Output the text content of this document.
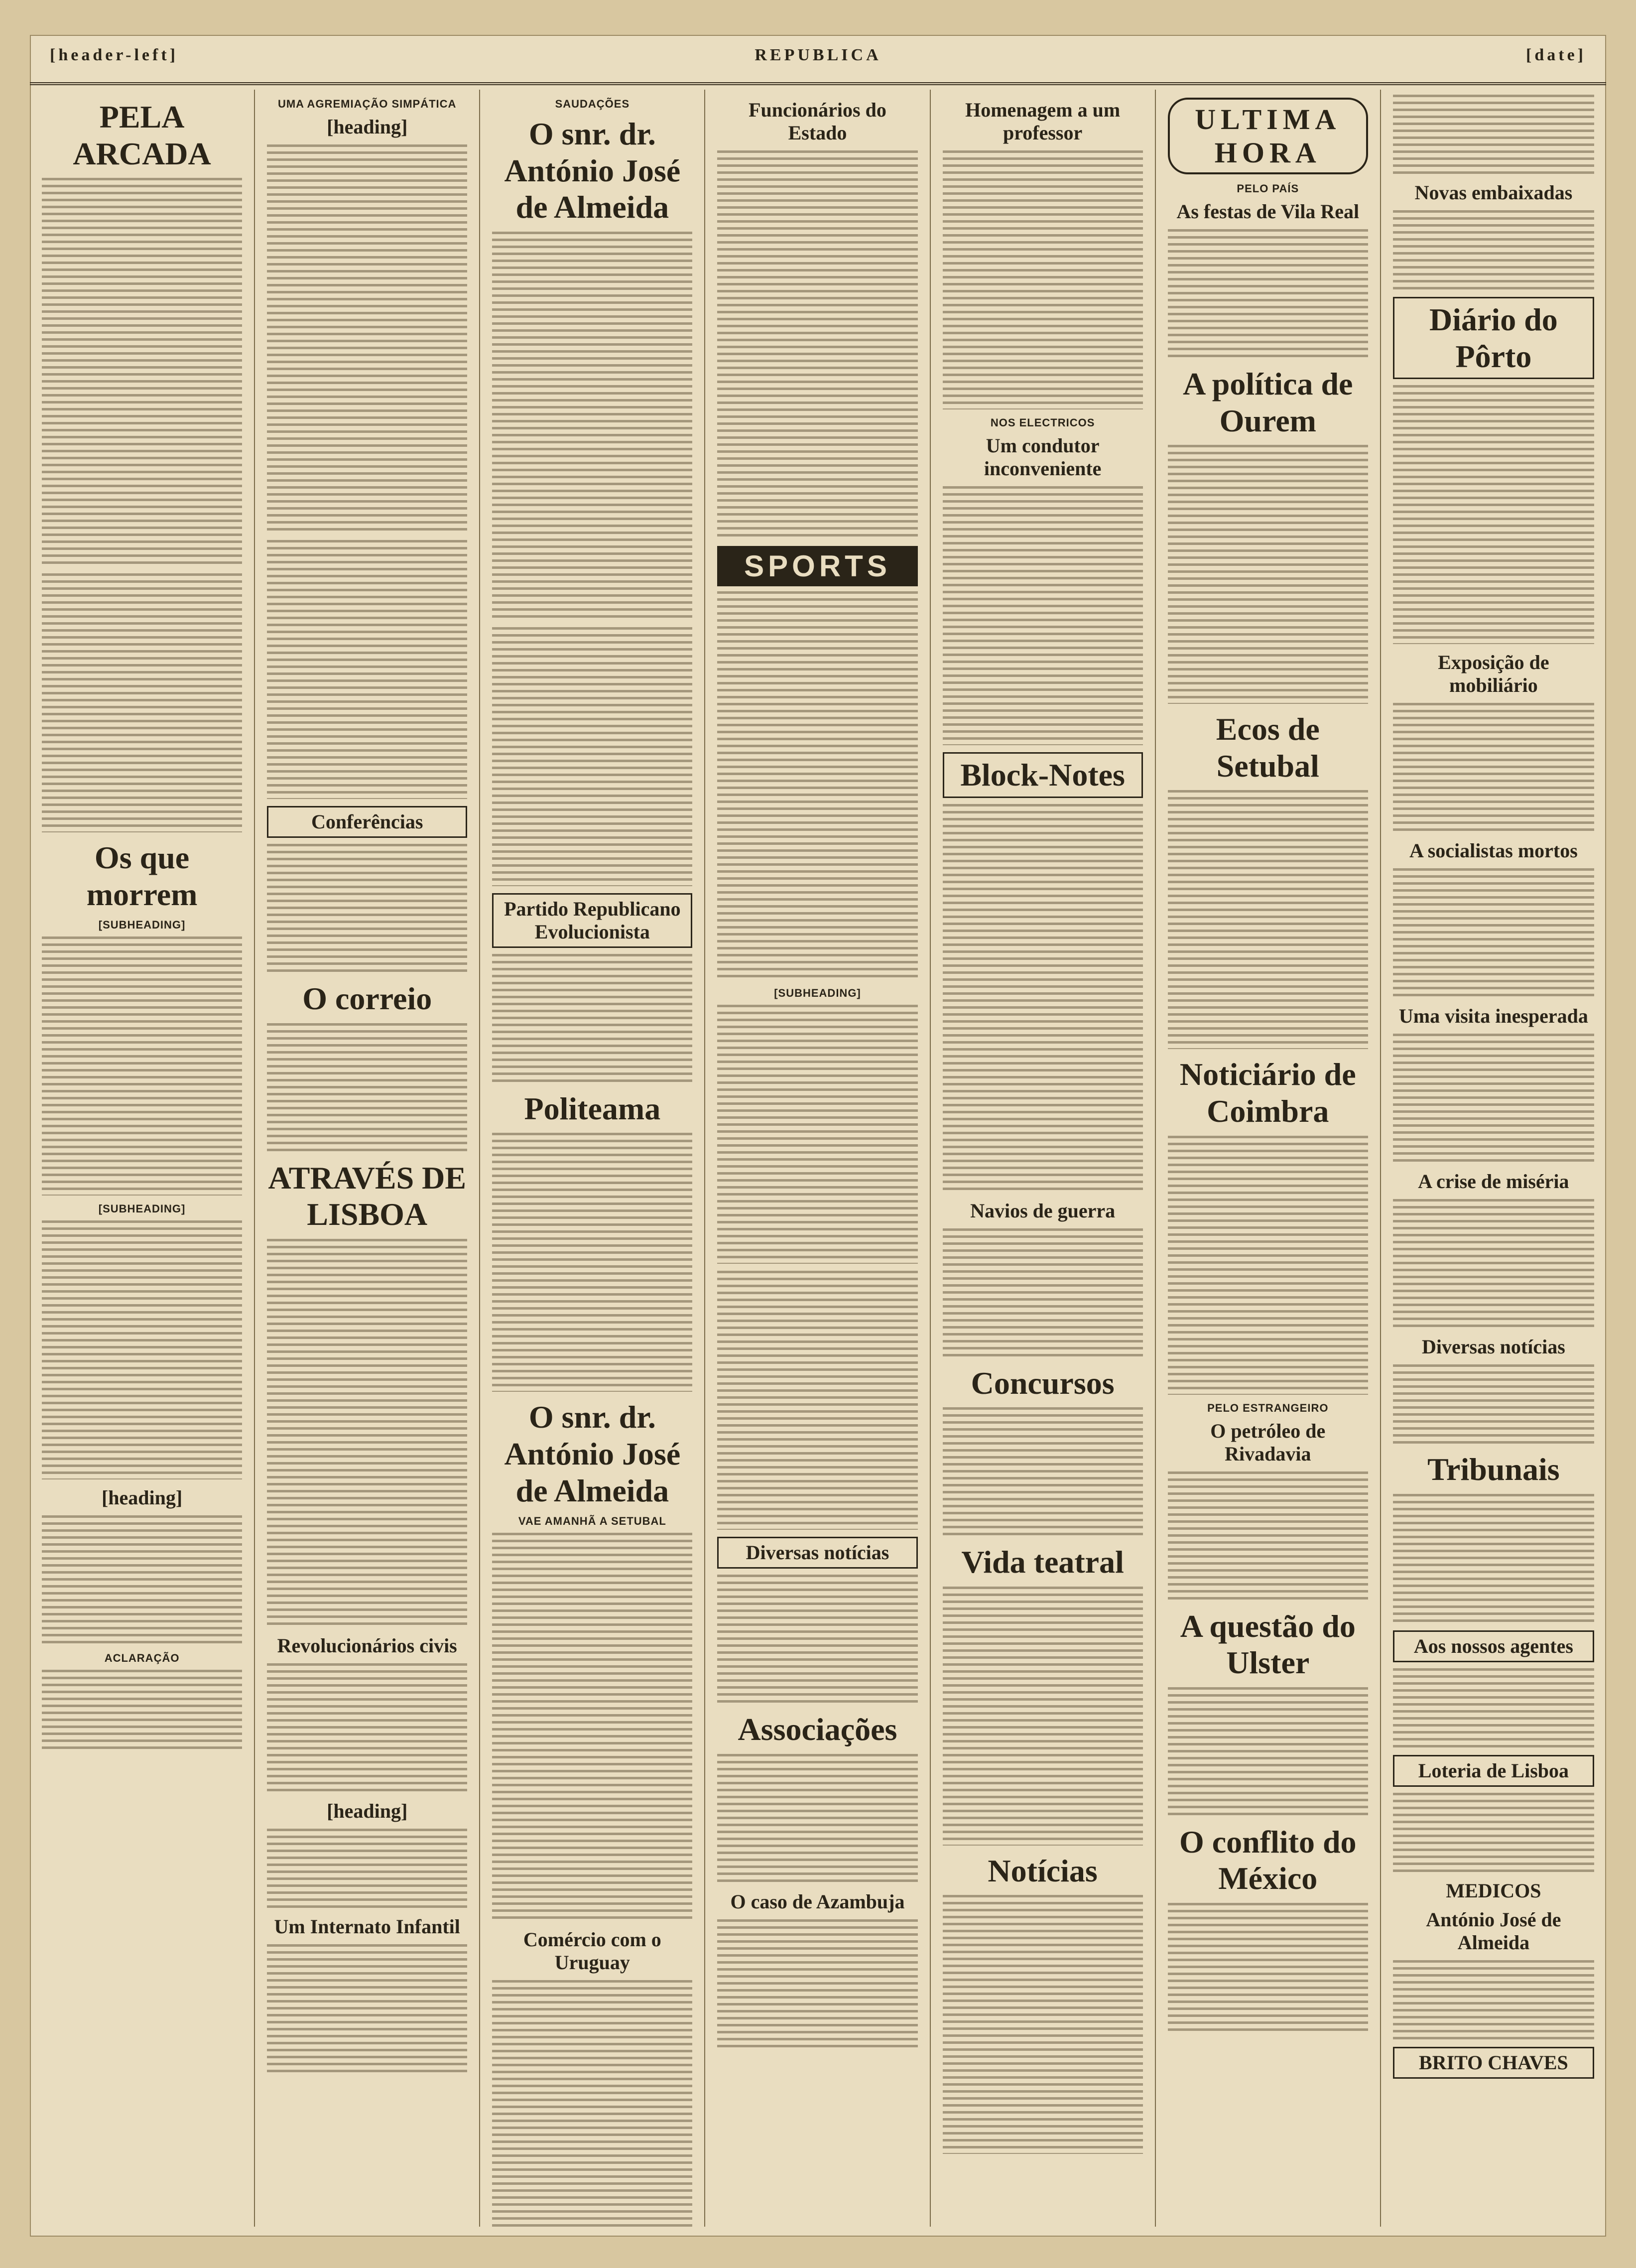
[header-left]	REPUBLICA	[date]
PELA ARCADA
Os que morrem
[SUBHEADING]
[SUBHEADING]
[heading]
ACLARAÇÃO
UMA AGREMIAÇÃO SIMPÁTICA
[heading]
Conferências
O correio
ATRAVÉS DE LISBOA
Revolucionários civis
[heading]
Um Internato Infantil
SAUDAÇÕES
O snr. dr. António José de Almeida
Partido Republicano Evolucionista
Politeama
O snr. dr. António José de Almeida
VAE AMANHÃ A SETUBAL
Comércio com o Uruguay
Funcionários do Estado
SPORTS
[SUBHEADING]
Diversas notícias
Associações
O caso de Azambuja
Homenagem a um professor
NOS ELECTRICOS
Um condutor inconveniente
Block-Notes
Navios de guerra
Concursos
Vida teatral
Notícias
ULTIMA HORA
PELO PAÍS
As festas de Vila Real
A política de Ourem
Ecos de Setubal
Noticiário de Coimbra
PELO ESTRANGEIRO
O petróleo de Rivadavia
A questão do Ulster
O conflito do México
Novas embaixadas
Diário do Pôrto
Exposição de mobiliário
A socialistas mortos
Uma visita inesperada
A crise de miséria
Diversas notícias
Tribunais
Aos nossos agentes
Loteria de Lisboa
MEDICOS
António José de Almeida
BRITO CHAVES
